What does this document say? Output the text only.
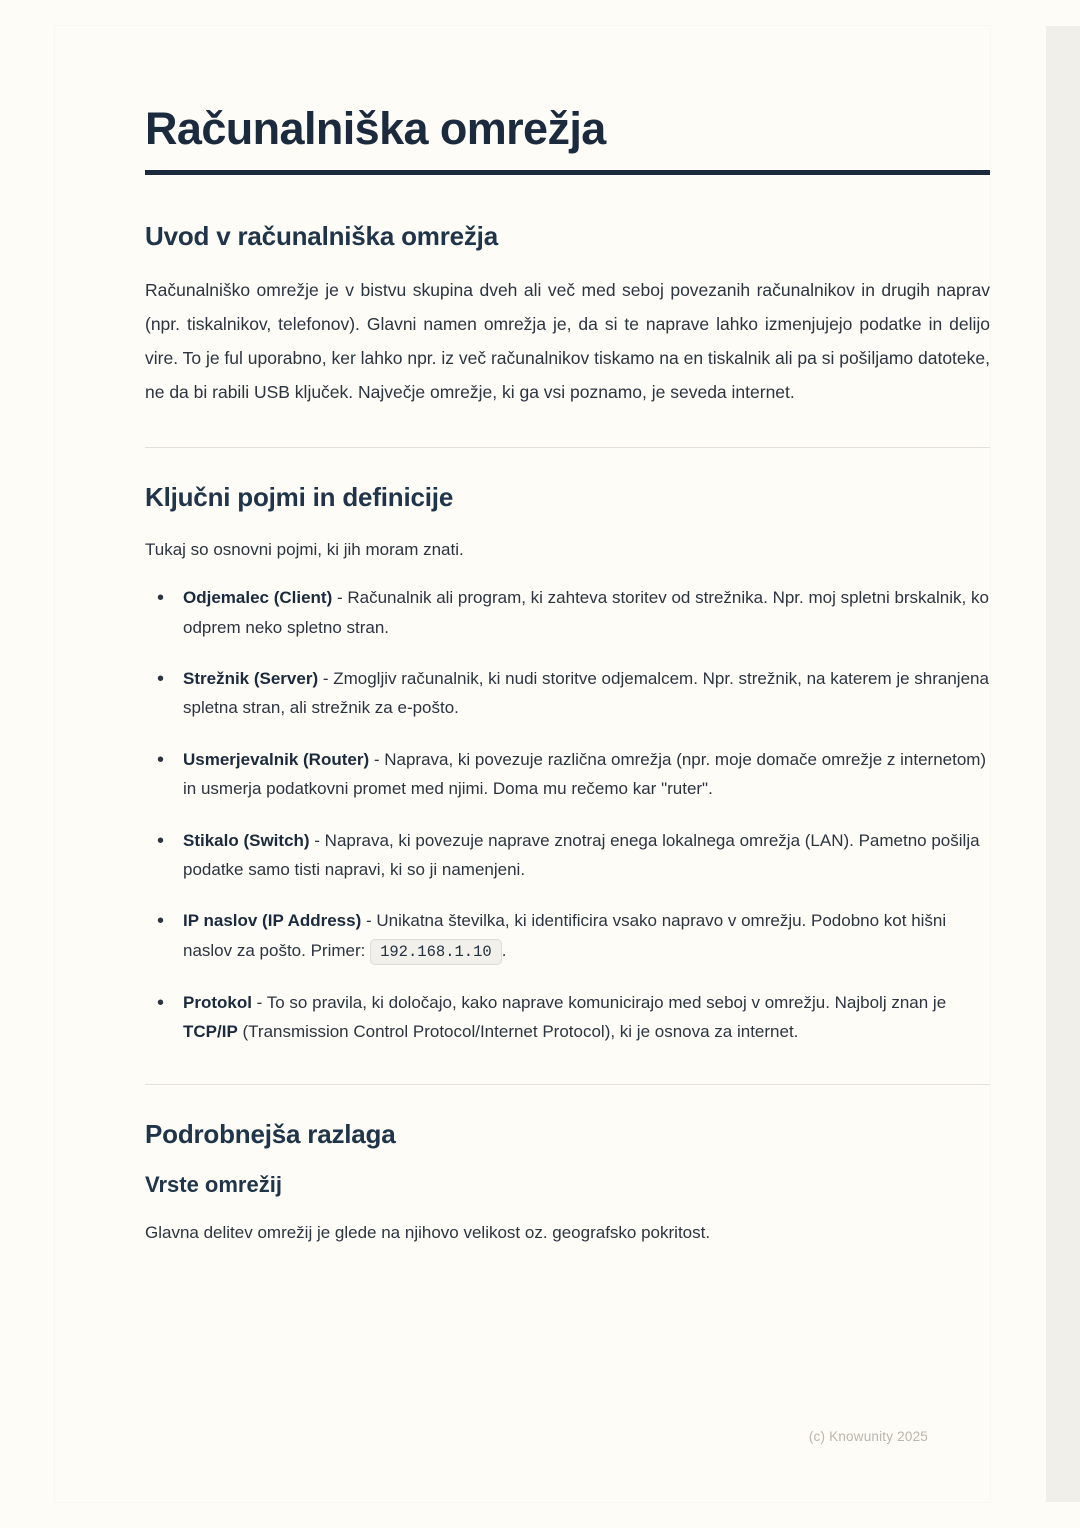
Računalniška omrežja
Uvod v računalniška omrežja

Računalniško omrežje je v bistvu skupina dveh ali več med seboj povezanih računalnikov in drugih naprav (npr. tiskalnikov, telefonov). Glavni namen omrežja je, da si te naprave lahko izmenjujejo podatke in delijo vire. To je ful uporabno, ker lahko npr. iz več računalnikov tiskamo na en tiskalnik ali pa si pošiljamo datoteke, ne da bi rabili USB ključek. Največje omrežje, ki ga vsi poznamo, je seveda internet.

Ključni pojmi in definicije

Tukaj so osnovni pojmi, ki jih moram znati.

• Odjemalec (Client) - Računalnik ali program, ki zahteva storitev od strežnika. Npr. moj spletni brskalnik, ko odprem neko spletno stran.
• Strežnik (Server) - Zmogljiv računalnik, ki nudi storitve odjemalcem. Npr. strežnik, na katerem je shranjena spletna stran, ali strežnik za e-pošto.
• Usmerjevalnik (Router) - Naprava, ki povezuje različna omrežja (npr. moje domače omrežje z internetom) in usmerja podatkovni promet med njimi. Doma mu rečemo kar "ruter".
• Stikalo (Switch) - Naprava, ki povezuje naprave znotraj enega lokalnega omrežja (LAN). Pametno pošilja podatke samo tisti napravi, ki so ji namenjeni.
• IP naslov (IP Address) - Unikatna številka, ki identificira vsako napravo v omrežju. Podobno kot hišni naslov za pošto. Primer: 192.168.1.10 .
• Protokol - To so pravila, ki določajo, kako naprave komunicirajo med seboj v omrežju. Najbolj znan je TCP/IP (Transmission Control Protocol/Internet Protocol), ki je osnova za internet.
Podrobnejša razlaga
Vrste omrežij

Glavna delitev omrežij je glede na njihovo velikost oz. geografsko pokritost.

(c) Knowunity 2025
